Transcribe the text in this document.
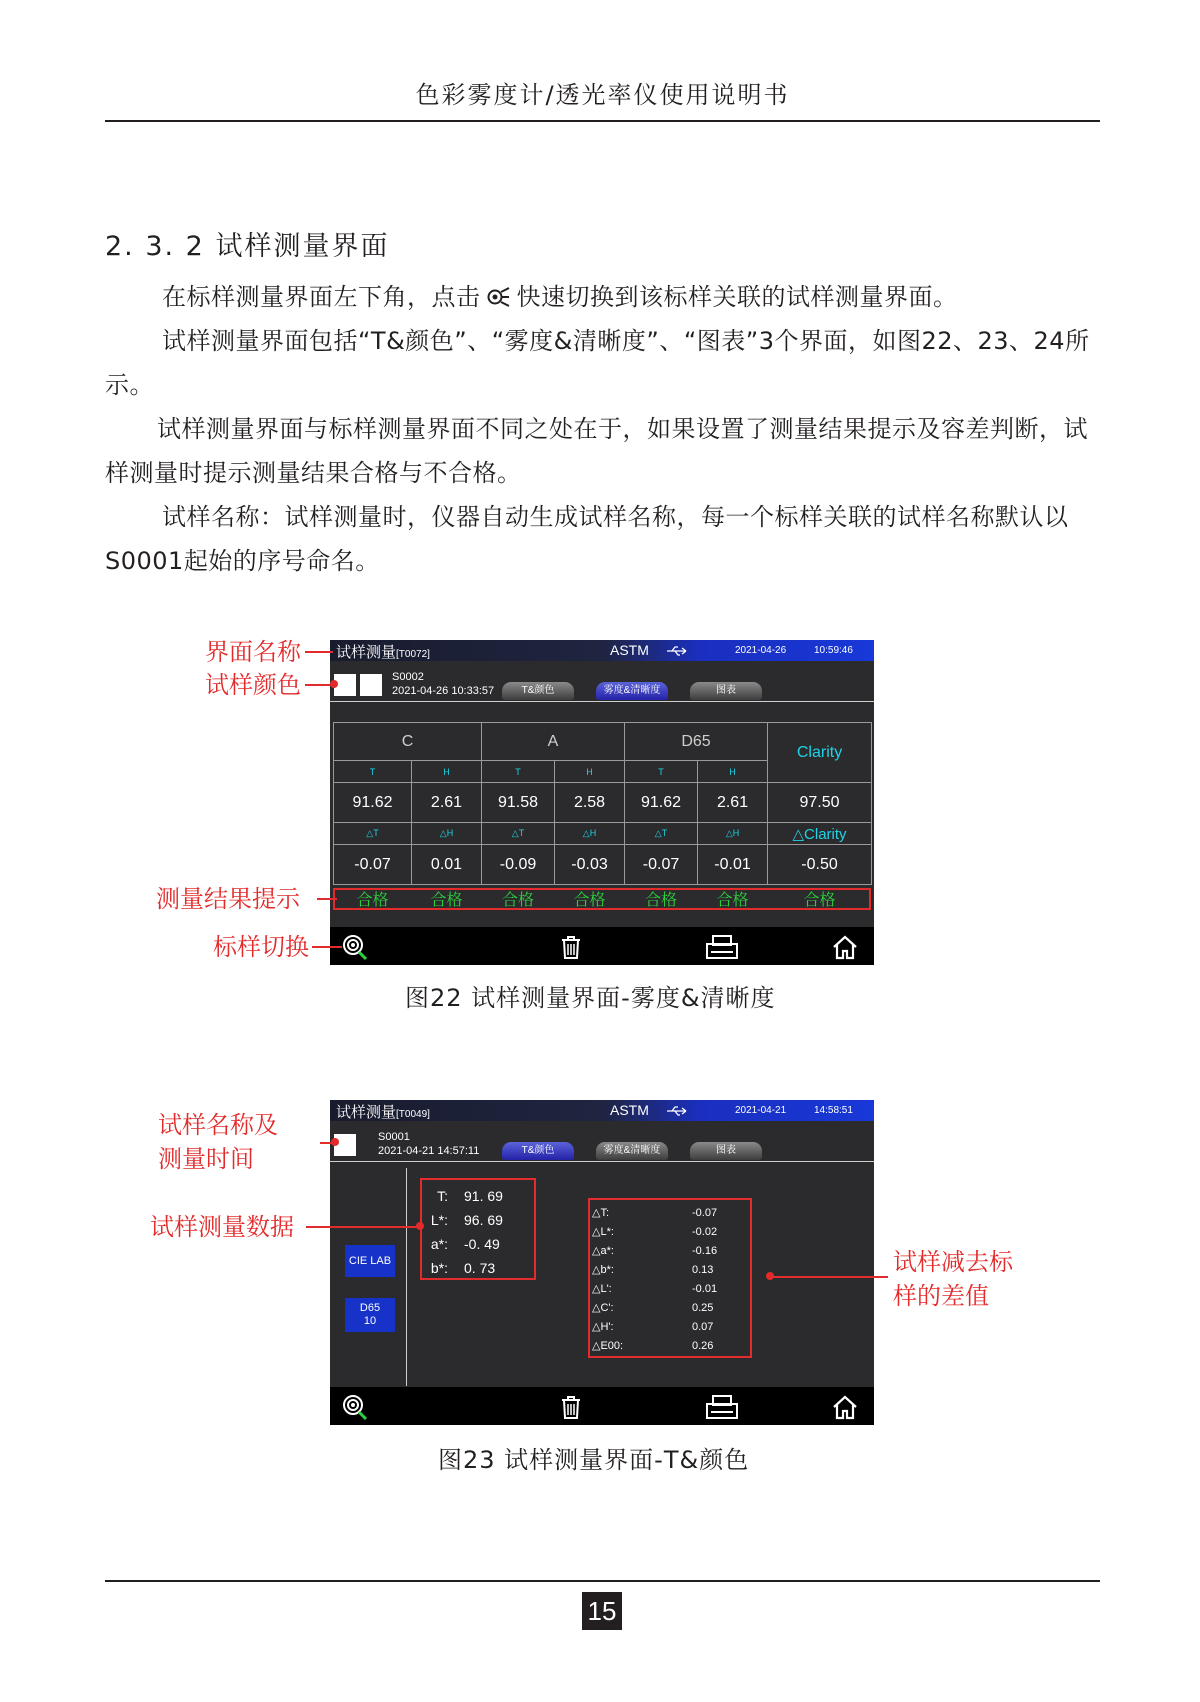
色彩雾度计/透光率仪使用说明书
2. 3. 2 试样测量界面
在标样测量界面左下角，点击 快速切换到该标样关联的试样测量界面。
试样测量界面包括“T&颜色”、“雾度&清晰度”、“图表”3个界面，如图22、23、24所示。
试样测量界面与标样测量界面不同之处在于，如果设置了测量结果提示及容差判断，试样测量时提示测量结果合格与不合格。
试样名称：试样测量时，仪器自动生成试样名称，每一个标样关联的试样名称默认以S0001起始的序号命名。
试样测量[T0072]	ASTM	2021-04-26	10:59:46
S0002
2021-04-26 10:33:57	T&颜色	雾度&清晰度	图表
C		A		D65		Clarity
T	H	T	H	T	H	
91.62	2.61	91.58	2.58	91.62	2.61	97.50
△T	△H	△T	△H	△T	△H	△Clarity
-0.07	0.01	-0.09	-0.03	-0.07	-0.01	-0.50
合格	合格	合格	合格	合格	合格	合格
界面名称
试样颜色
测量结果提示
标样切换
图22 试样测量界面-雾度&清晰度
试样测量[T0049]	ASTM	2021-04-21	14:58:51
S0001
2021-04-21 14:57:11	T&颜色	雾度&清晰度	图表
CIE LAB
D65
10
T: 91. 69
L*: 96. 69
a*: -0. 49
b*: 0. 73
△T:	-0.07
△L*:	-0.02
△a*:	-0.16
△b*:	0.13
△L':	-0.01
△C':	0.25
△H':	0.07
△E00:	0.26
试样名称及
测量时间
试样测量数据
试样减去标
样的差值
图23 试样测量界面-T&颜色
15
